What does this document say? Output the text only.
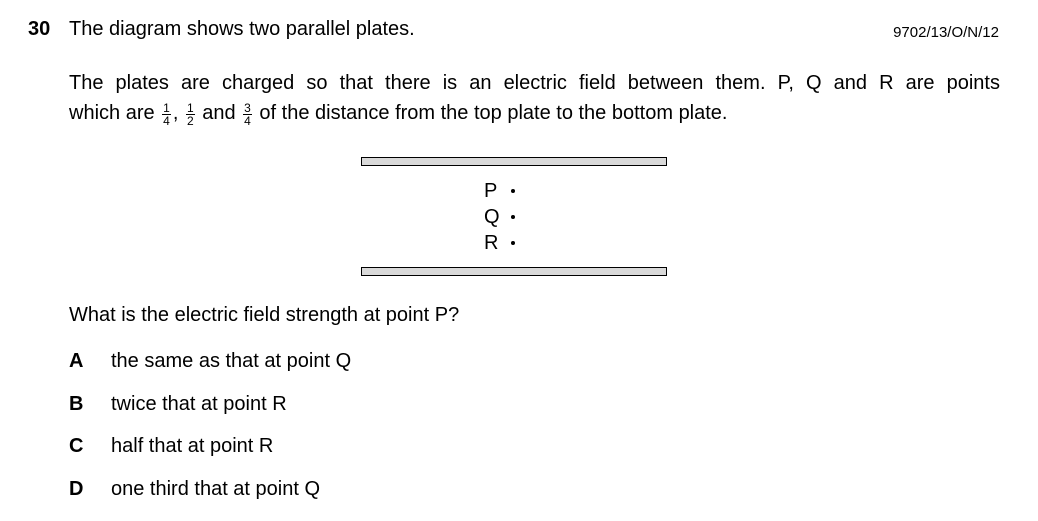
30 The diagram shows two parallel plates.	9702/13/O/N/12
The plates are charged so that there is an electric field between them. P, Q and R are points
which are $\frac{1}{4}$ , $\frac{1}{2}$ and $\frac{3}{4}$ of the distance from the top plate to the bottom plate.
P
Q
R
What is the electric field strength at point P?
A the same as that at point Q
B twice that at point R
C half that at point R
D one third that at point Q
